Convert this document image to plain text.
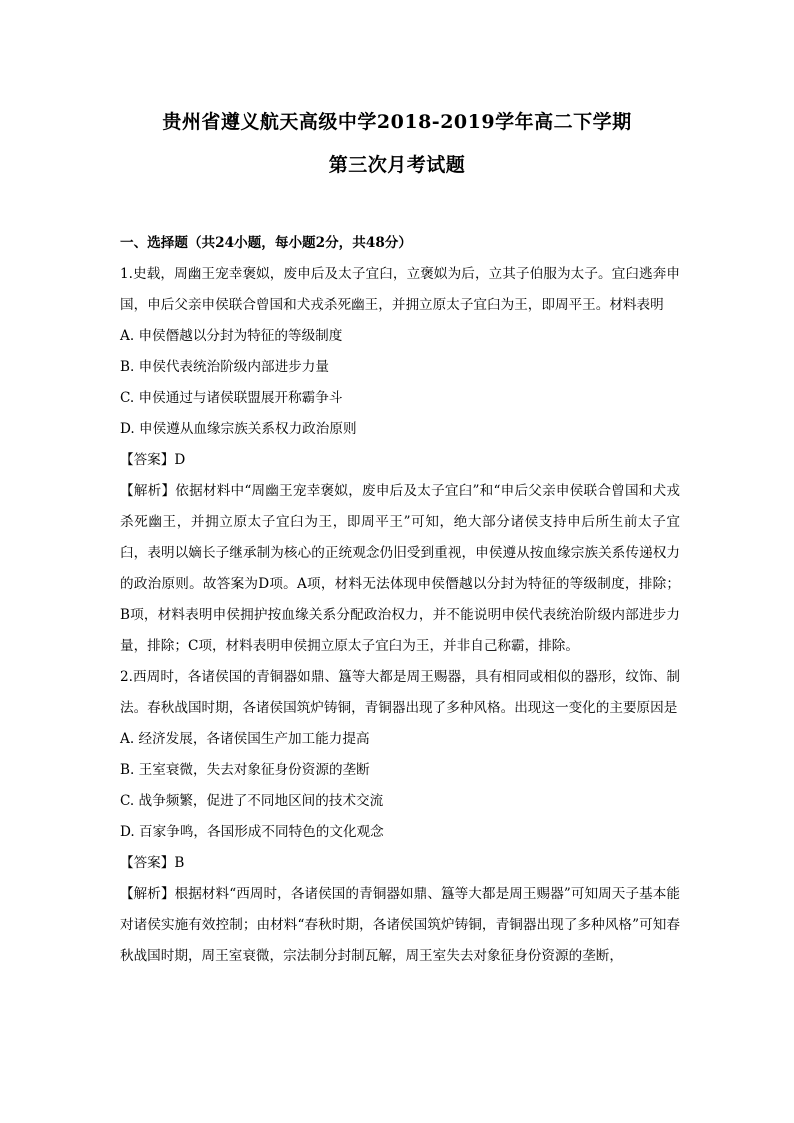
贵州省遵义航天高级中学2018-2019学年高二下学期
第三次月考试题

一、选择题（共24小题，每小题2分，共48分）

1.史载，周幽王宠幸褒姒，废申后及太子宜臼，立褒姒为后，立其子伯服为太子。宜臼逃奔申国，申后父亲申侯联合曾国和犬戎杀死幽王，并拥立原太子宜臼为王，即周平王。材料表明

A. 申侯僭越以分封为特征的等级制度

B. 申侯代表统治阶级内部进步力量

C. 申侯通过与诸侯联盟展开称霸争斗

D. 申侯遵从血缘宗族关系权力政治原则

【答案】D

【解析】依据材料中“周幽王宠幸褒姒，废申后及太子宜臼”和“申后父亲申侯联合曾国和犬戎杀死幽王，并拥立原太子宜臼为王，即周平王”可知，绝大部分诸侯支持申后所生前太子宜臼，表明以嫡长子继承制为核心的正统观念仍旧受到重视，申侯遵从按血缘宗族关系传递权力的政治原则。故答案为D项。A项，材料无法体现申侯僭越以分封为特征的等级制度，排除；B项，材料表明申侯拥护按血缘关系分配政治权力，并不能说明申侯代表统治阶级内部进步力量，排除；C项，材料表明申侯拥立原太子宜臼为王，并非自己称霸，排除。

2.西周时，各诸侯国的青铜器如鼎、簋等大都是周王赐器，具有相同或相似的器形，纹饰、制法。春秋战国时期，各诸侯国筑炉铸铜，青铜器出现了多种风格。出现这一变化的主要原因是

A. 经济发展，各诸侯国生产加工能力提高

B. 王室衰微，失去对象征身份资源的垄断

C. 战争频繁，促进了不同地区间的技术交流

D. 百家争鸣，各国形成不同特色的文化观念

【答案】B

【解析】根据材料“西周时，各诸侯国的青铜器如鼎、簋等大都是周王赐器”可知周天子基本能对诸侯实施有效控制；由材料“春秋时期，各诸侯国筑炉铸铜，青铜器出现了多种风格”可知春秋战国时期，周王室衰微，宗法制分封制瓦解，周王室失去对象征身份资源的垄断，
